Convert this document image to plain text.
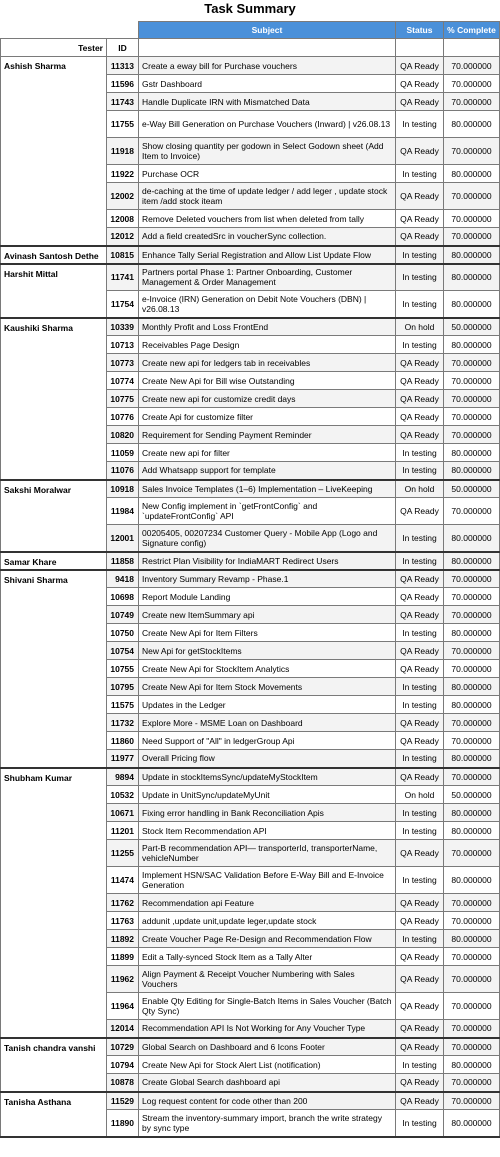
Task Summary
		Subject	Status	% Complete
Tester	ID			
Ashish Sharma	11313	Create a eway bill for Purchase vouchers	QA Ready	70.000000
	11596	Gstr Dashboard	QA Ready	70.000000
	11743	Handle Duplicate IRN with Mismatched Data	QA Ready	70.000000
	11755	e-Way Bill Generation on Purchase Vouchers (Inward) | v26.08.13	In testing	80.000000
	11918	Show closing quantity per godown in Select Godown sheet (Add Item to Invoice)	QA Ready	70.000000
	11922	Purchase OCR	In testing	80.000000
	12002	de-caching at the time of update ledger / add leger , update stock item /add stock iteam	QA Ready	70.000000
	12008	Remove Deleted vouchers from list when deleted from tally	QA Ready	70.000000
	12012	Add a field createdSrc in voucherSync collection.	QA Ready	70.000000
Avinash Santosh Dethe	10815	Enhance Tally Serial Registration and Allow List Update Flow	In testing	80.000000
Harshit Mittal	11741	Partners portal Phase 1: Partner Onboarding, Customer Management & Order Management	In testing	80.000000
	11754	e-Invoice (IRN) Generation on Debit Note Vouchers (DBN) | v26.08.13	In testing	80.000000
Kaushiki Sharma	10339	Monthly Profit and Loss FrontEnd	On hold	50.000000
	10713	Receivables Page Design	In testing	80.000000
	10773	Create new api for ledgers tab in receivables	QA Ready	70.000000
	10774	Create New Api for Bill wise Outstanding	QA Ready	70.000000
	10775	Create new api for customize credit days	QA Ready	70.000000
	10776	Create Api for customize filter	QA Ready	70.000000
	10820	Requirement for Sending Payment Reminder	QA Ready	70.000000
	11059	Create new api for filter	In testing	80.000000
	11076	Add Whatsapp support for template	In testing	80.000000
Sakshi Moralwar	10918	Sales Invoice Templates (1–6) Implementation – LiveKeeping	On hold	50.000000
	11984	New Config implement in `getFrontConfig` and `updateFrontConfig` API	QA Ready	70.000000
	12001	00205405, 00207234 Customer Query - Mobile App (Logo and Signature config)	In testing	80.000000
Samar Khare	11858	Restrict Plan Visibility for IndiaMART Redirect Users	In testing	80.000000
Shivani Sharma	9418	Inventory Summary Revamp - Phase.1	QA Ready	70.000000
	10698	Report Module Landing	QA Ready	70.000000
	10749	Create new ItemSummary api	QA Ready	70.000000
	10750	Create New Api for Item Filters	In testing	80.000000
	10754	New Api for getStockItems	QA Ready	70.000000
	10755	Create New Api for StockItem Analytics	QA Ready	70.000000
	10795	Create New Api for Item Stock Movements	In testing	80.000000
	11575	Updates in the Ledger	In testing	80.000000
	11732	Explore More - MSME Loan on Dashboard	QA Ready	70.000000
	11860	Need Support of "All" in ledgerGroup Api	QA Ready	70.000000
	11977	Overall Pricing flow	In testing	80.000000
Shubham Kumar	9894	Update in stockItemsSync/updateMyStockItem	QA Ready	70.000000
	10532	Update in UnitSync/updateMyUnit	On hold	50.000000
	10671	Fixing error handling in Bank Reconciliation Apis	In testing	80.000000
	11201	Stock Item Recommendation API	In testing	80.000000
	11255	Part-B recommendation API— transporterId, transporterName, vehicleNumber	QA Ready	70.000000
	11474	Implement HSN/SAC Validation Before E-Way Bill and E-Invoice Generation	In testing	80.000000
	11762	Recommendation api Feature	QA Ready	70.000000
	11763	addunit ,update unit,update leger,update stock	QA Ready	70.000000
	11892	Create Voucher Page Re-Design and Recommendation Flow	In testing	80.000000
	11899	Edit a Tally-synced Stock Item as a Tally Alter	QA Ready	70.000000
	11962	Align Payment & Receipt Voucher Numbering with Sales Vouchers	QA Ready	70.000000
	11964	Enable Qty Editing for Single-Batch Items in Sales Voucher (Batch Qty Sync)	QA Ready	70.000000
	12014	Recommendation API Is Not Working for Any Voucher Type	QA Ready	70.000000
Tanish chandra vanshi	10729	Global Search on Dashboard and 6 Icons Footer	QA Ready	70.000000
	10794	Create New Api for Stock Alert List (notification)	In testing	80.000000
	10878	Create Global Search dashboard api	QA Ready	70.000000
Tanisha Asthana	11529	Log request content for code other than 200	QA Ready	70.000000
	11890	Stream the inventory-summary import, branch the write strategy by sync type	In testing	80.000000
